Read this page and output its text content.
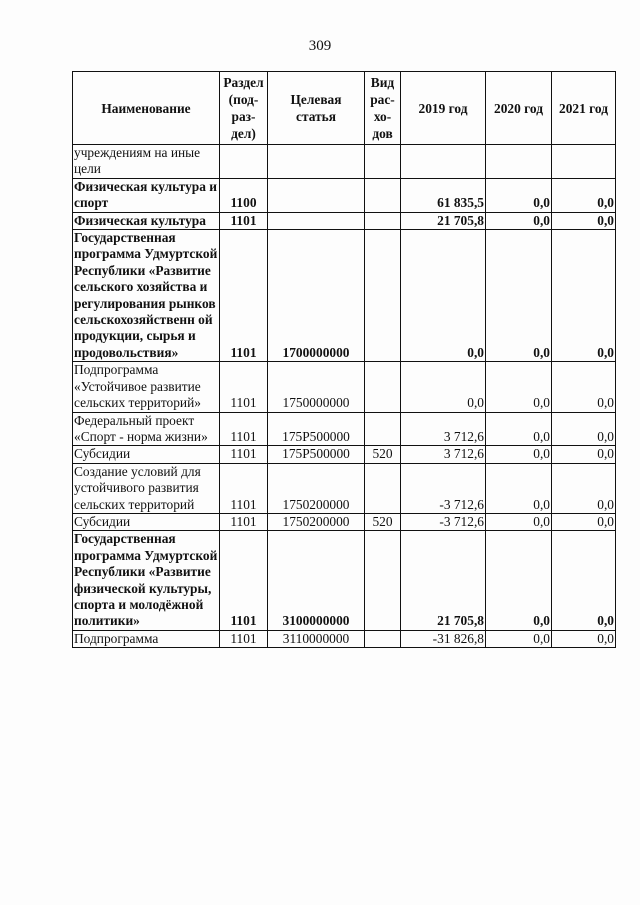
309
Наименование	Раздел (под-раз-дел)	Целевая статья	Вид рас-хо-дов	2019 год	2020 год	2021 год
учреждениям на иные цели						
Физическая культура и спорт	1100			61 835,5	0,0	0,0
Физическая культура	1101			21 705,8	0,0	0,0
Государственная программа Удмуртской Республики «Развитие сельского хозяйства и регулирования рынков сельскохозяйственн ой продукции, сырья и продовольствия»	1101	1700000000		0,0	0,0	0,0
Подпрограмма «Устойчивое развитие сельских территорий»	1101	1750000000		0,0	0,0	0,0
Федеральный проект «Спорт - норма жизни»	1101	175P500000		3 712,6	0,0	0,0
Субсидии	1101	175P500000	520	3 712,6	0,0	0,0
Создание условий для устойчивого развития сельских территорий	1101	1750200000		-3 712,6	0,0	0,0
Субсидии	1101	1750200000	520	-3 712,6	0,0	0,0
Государственная программа Удмуртской Республики «Развитие физической культуры, спорта и молодёжной политики»	1101	3100000000		21 705,8	0,0	0,0
Подпрограмма	1101	3110000000		-31 826,8	0,0	0,0
